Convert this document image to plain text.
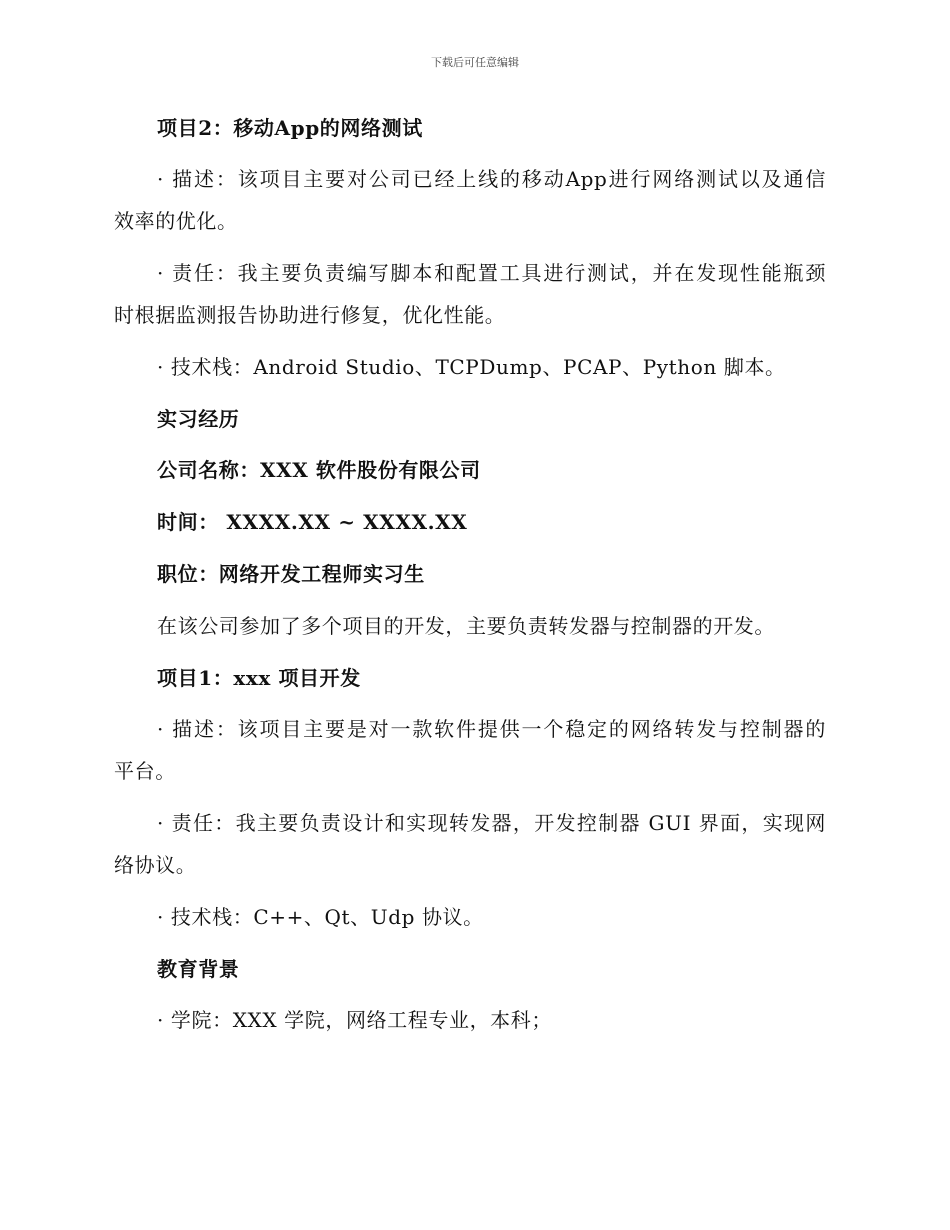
下载后可任意编辑
项目2：移动App的网络测试
· 描述：该项目主要对公司已经上线的移动App进行网络测试以及通信
效率的优化。
· 责任：我主要负责编写脚本和配置工具进行测试，并在发现性能瓶颈
时根据监测报告协助进行修复，优化性能。
· 技术栈：Android Studio、TCPDump、PCAP、Python 脚本。
实习经历
公司名称：XXX 软件股份有限公司
时间： XXXX.XX ~ XXXX.XX
职位：网络开发工程师实习生
在该公司参加了多个项目的开发，主要负责转发器与控制器的开发。
项目1：xxx 项目开发
· 描述：该项目主要是对一款软件提供一个稳定的网络转发与控制器的
平台。
· 责任：我主要负责设计和实现转发器，开发控制器 GUI 界面，实现网
络协议。
· 技术栈：C++、Qt、Udp 协议。
教育背景
· 学院：XXX 学院，网络工程专业，本科；
